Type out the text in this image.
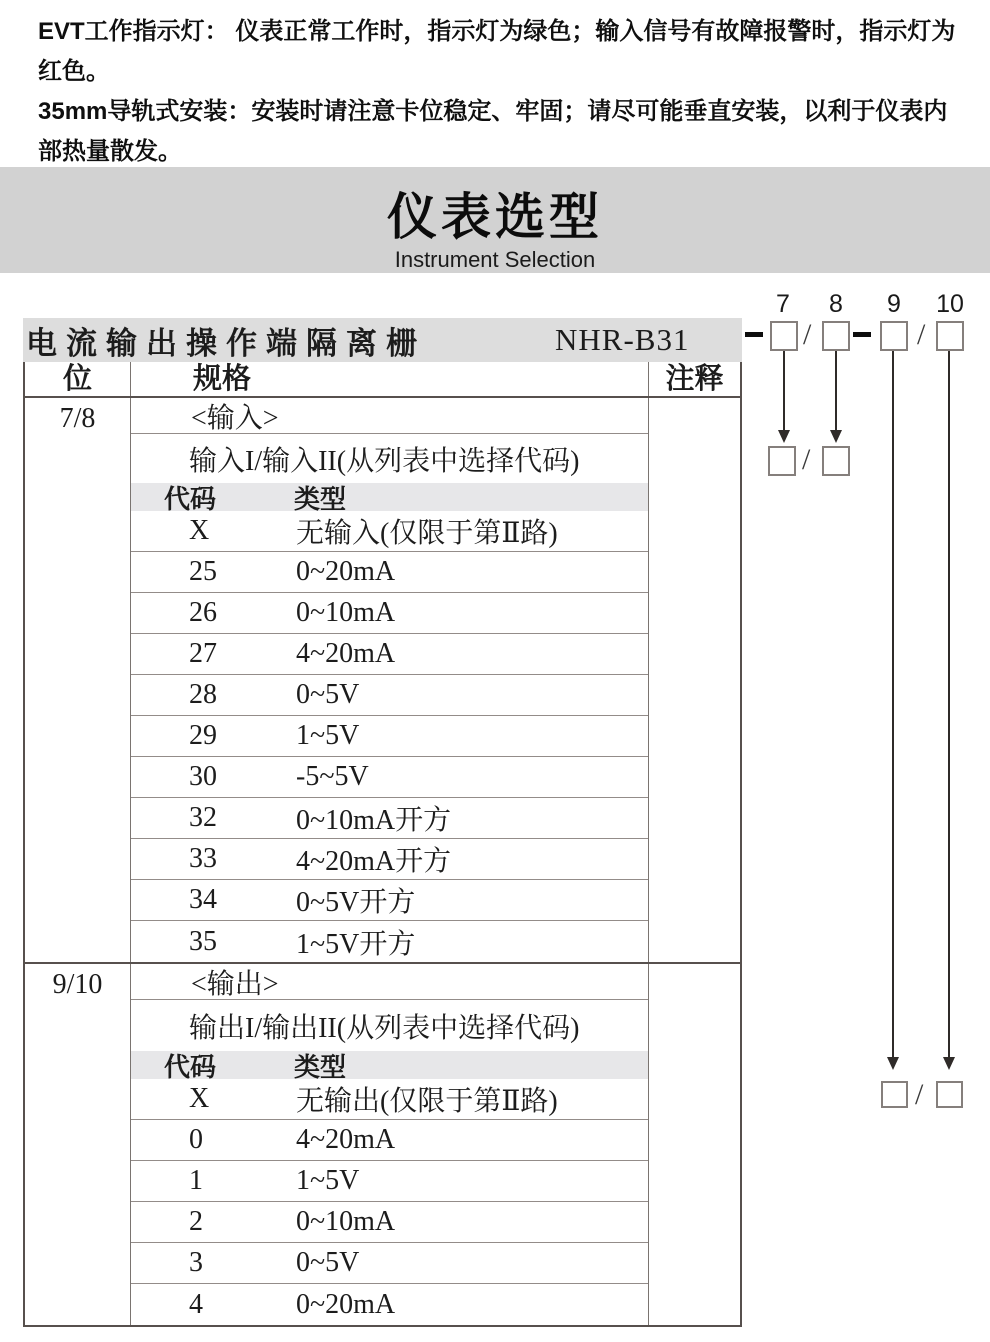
EVT工作指示灯： 仪表正常工作时，指示灯为绿色；输入信号有故障报警时，指示灯为红色。
35mm导轨式安装：安装时请注意卡位稳定、牢固；请尽可能垂直安装，以利于仪表内部热量散发。
仪表选型
Instrument Selection
电流输出操作端隔离栅	NHR-B31
位	规格	注释
7/8	<输入>
输入I/输入II(从列表中选择代码)
代码	类型
X	无输入(仅限于第Ⅱ路)
25	0~20mA
26	0~10mA
27	4~20mA
28	0~5V
29	1~5V
30	-5~5V
32	0~10mA开方
33	4~20mA开方
34	0~5V开方
35	1~5V开方
9/10	<输出>
输出I/输出II(从列表中选择代码)
代码	类型
X	无输出(仅限于第Ⅱ路)
0	4~20mA
1	1~5V
2	0~10mA
3	0~5V
4	0~20mA
7	8	9	10
/	/
/
/
